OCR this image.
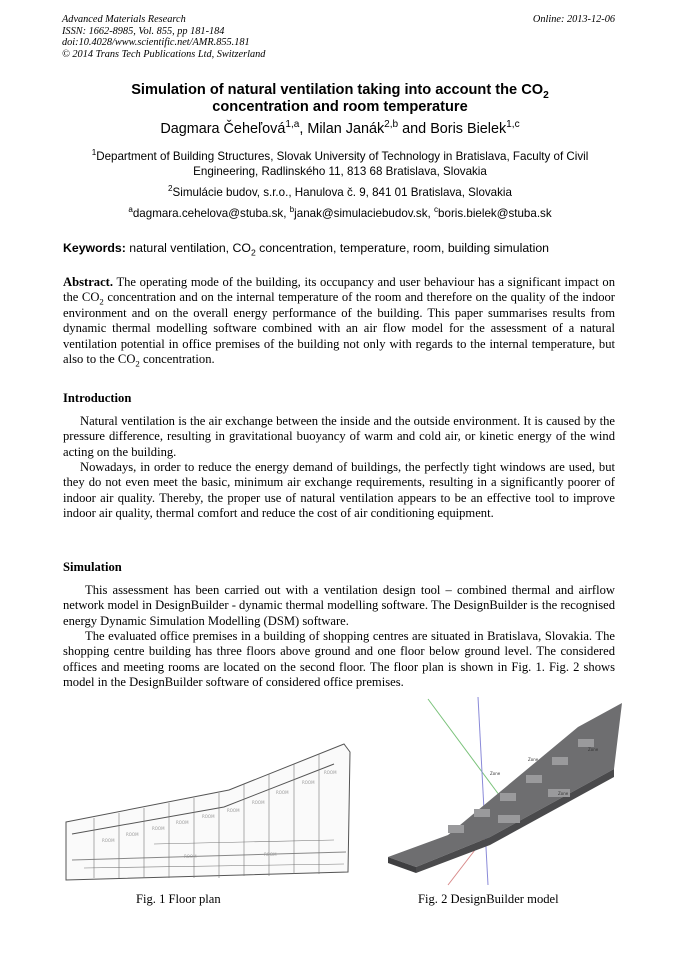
Advanced Materials Research
ISSN: 1662-8985, Vol. 855, pp 181-184
doi:10.4028/www.scientific.net/AMR.855.181
© 2014 Trans Tech Publications Ltd, Switzerland
Online: 2013-12-06
Simulation of natural ventilation taking into account the $CO_2$
concentration and room temperature
Dagmara Čeheľová$^{1,a}$, Milan Janák$^{2,b}$ and Boris Bielek$^{1,c}$
$^1$Department of Building Structures, Slovak University of Technology in Bratislava, Faculty of Civil
Engineering, Radlinského 11, 813 68 Bratislava, Slovakia
$^2$Simulácie budov, s.r.o., Hanulova č. 9, 841 01 Bratislava, Slovakia
$^a$dagmara.cehelova@stuba.sk, $^b$janak@simulaciebudov.sk, $^c$boris.bielek@stuba.sk
Keywords: natural ventilation, $CO_2$ concentration, temperature, room, building simulation
Abstract. The operating mode of the building, its occupancy and user behaviour has a significant impact on the $CO_2$ concentration and on the internal temperature of the room and therefore on the quality of the indoor environment and on the overall energy performance of the building. This paper summarises results from dynamic thermal modelling software combined with an air flow model for the assessment of a natural ventilation potential in office premises of the building not only with regards to the internal temperature, but also to the $CO_2$ concentration.
Introduction
Natural ventilation is the air exchange between the inside and the outside environment. It is caused by the pressure difference, resulting in gravitational buoyancy of warm and cold air, or kinetic energy of the wind acting on the building.
Nowadays, in order to reduce the energy demand of buildings, the perfectly tight windows are used, but they do not even meet the basic, minimum air exchange requirements, resulting in a significantly poorer of indoor air quality. Thereby, the proper use of natural ventilation appears to be an effective tool to improve indoor air quality, thermal comfort and reduce the cost of air conditioning equipment.
Simulation
This assessment has been carried out with a ventilation design tool – combined thermal and airflow network model in DesignBuilder - dynamic thermal modelling software. The DesignBuilder is the recognised energy Dynamic Simulation Modelling (DSM) software.
The evaluated office premises in a building of shopping centres are situated in Bratislava, Slovakia. The shopping centre building has three floors above ground and one floor below ground level. The considered offices and meeting rooms are located on the second floor. The floor plan is shown in Fig. 1. Fig. 2 shows model in the DesignBuilder software of considered office premises.
ROOM
ROOM
ROOM
ROOM
ROOM
ROOM
ROOM
ROOM
ROOM
ROOM
ROOM	ROOM
Zone
Zone
Zone
Zone
Fig. 1 Floor plan	Fig. 2 DesignBuilder model
